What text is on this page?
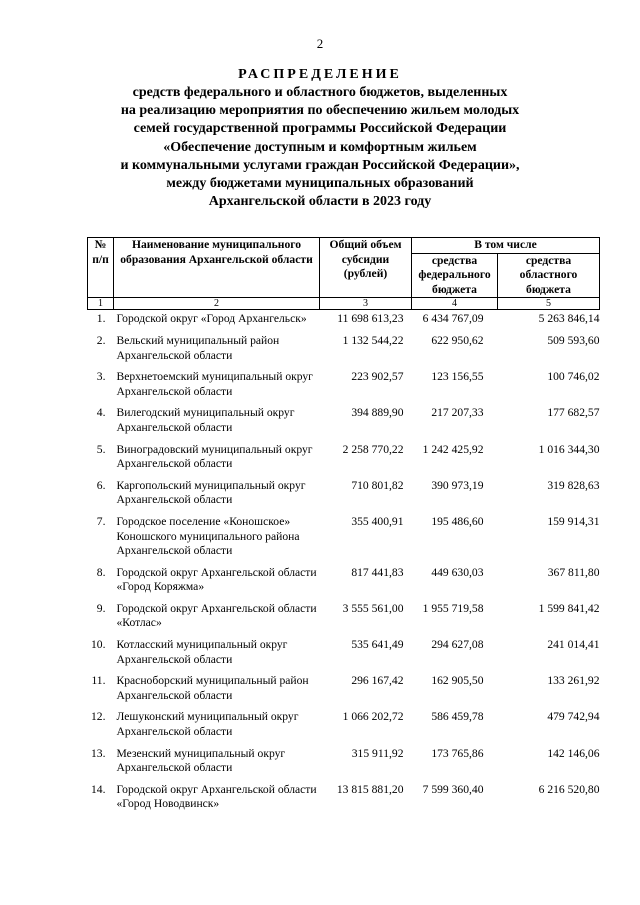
2
РАСПРЕДЕЛЕНИЕ
средств федерального и областного бюджетов, выделенных
на реализацию мероприятия по обеспечению жильем молодых
семей государственной программы Российской Федерации
«Обеспечение доступным и комфортным жильем
и коммунальными услугами граждан Российской Федерации»,
между бюджетами муниципальных образований
Архангельской области в 2023 году
№ п/п	Наименование муниципального образования Архангельской области	Общий объем субсидии (рублей)	В том числе	
			средства федерального бюджета	средства областного бюджета
1	2	3	4	5
1.	Городской округ «Город Архангельск»	11 698 613,23	6 434 767,09	5 263 846,14
2.	Вельский муниципальный район Архангельской области	1 132 544,22	622 950,62	509 593,60
3.	Верхнетоемский муниципальный округ Архангельской области	223 902,57	123 156,55	100 746,02
4.	Вилегодский муниципальный округ Архангельской области	394 889,90	217 207,33	177 682,57
5.	Виноградовский муниципальный округ Архангельской области	2 258 770,22	1 242 425,92	1 016 344,30
6.	Каргопольский муниципальный округ Архангельской области	710 801,82	390 973,19	319 828,63
7.	Городское поселение «Коношское» Коношского муниципального района Архангельской области	355 400,91	195 486,60	159 914,31
8.	Городской округ Архангельской области «Город Коряжма»	817 441,83	449 630,03	367 811,80
9.	Городской округ Архангельской области «Котлас»	3 555 561,00	1 955 719,58	1 599 841,42
10.	Котласский муниципальный округ Архангельской области	535 641,49	294 627,08	241 014,41
11.	Красноборский муниципальный район Архангельской области	296 167,42	162 905,50	133 261,92
12.	Лешуконский муниципальный округ Архангельской области	1 066 202,72	586 459,78	479 742,94
13.	Мезенский муниципальный округ Архангельской области	315 911,92	173 765,86	142 146,06
14.	Городской округ Архангельской области «Город Новодвинск»	13 815 881,20	7 599 360,40	6 216 520,80
